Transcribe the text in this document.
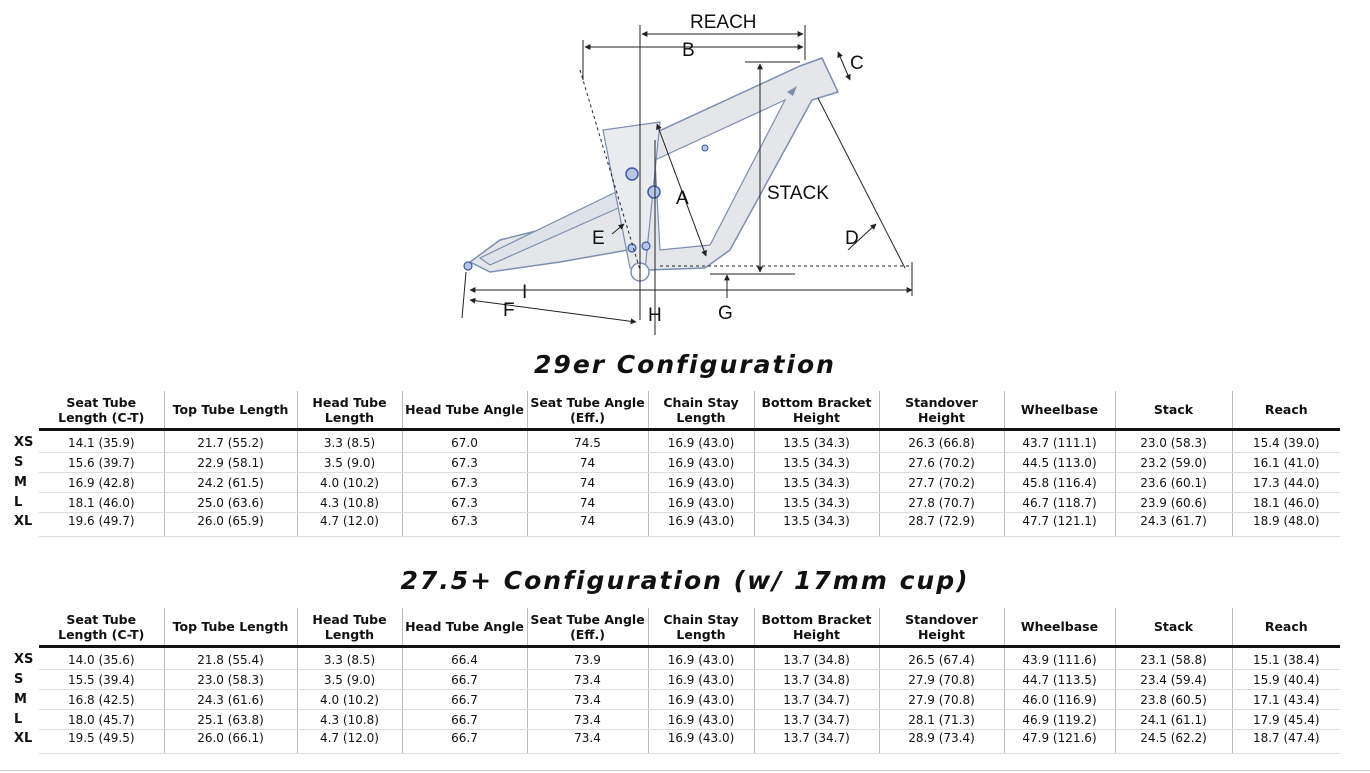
REACH
B
C
STACK
A
D
E
I
F	H	G
29er Configuration
	Seat Tube Length (C-T)	Top Tube Length	Head Tube Length	Head Tube Angle	Seat Tube Angle (Eff.)	Chain Stay Length	Bottom Bracket Height	Standover Height	Wheelbase	Stack	Reach
XS	14.1 (35.9)	21.7 (55.2)	3.3 (8.5)	67.0	74.5	16.9 (43.0)	13.5 (34.3)	26.3 (66.8)	43.7 (111.1)	23.0 (58.3)	15.4 (39.0)
S	15.6 (39.7)	22.9 (58.1)	3.5 (9.0)	67.3	74	16.9 (43.0)	13.5 (34.3)	27.6 (70.2)	44.5 (113.0)	23.2 (59.0)	16.1 (41.0)
M	16.9 (42.8)	24.2 (61.5)	4.0 (10.2)	67.3	74	16.9 (43.0)	13.5 (34.3)	27.7 (70.2)	45.8 (116.4)	23.6 (60.1)	17.3 (44.0)
L	18.1 (46.0)	25.0 (63.6)	4.3 (10.8)	67.3	74	16.9 (43.0)	13.5 (34.3)	27.8 (70.7)	46.7 (118.7)	23.9 (60.6)	18.1 (46.0)
XL	19.6 (49.7)	26.0 (65.9)	4.7 (12.0)	67.3	74	16.9 (43.0)	13.5 (34.3)	28.7 (72.9)	47.7 (121.1)	24.3 (61.7)	18.9 (48.0)
27.5+ Configuration (w/ 17mm cup)
	Seat Tube Length (C-T)	Top Tube Length	Head Tube Length	Head Tube Angle	Seat Tube Angle (Eff.)	Chain Stay Length	Bottom Bracket Height	Standover Height	Wheelbase	Stack	Reach
XS	14.0 (35.6)	21.8 (55.4)	3.3 (8.5)	66.4	73.9	16.9 (43.0)	13.7 (34.8)	26.5 (67.4)	43.9 (111.6)	23.1 (58.8)	15.1 (38.4)
S	15.5 (39.4)	23.0 (58.3)	3.5 (9.0)	66.7	73.4	16.9 (43.0)	13.7 (34.8)	27.9 (70.8)	44.7 (113.5)	23.4 (59.4)	15.9 (40.4)
M	16.8 (42.5)	24.3 (61.6)	4.0 (10.2)	66.7	73.4	16.9 (43.0)	13.7 (34.7)	27.9 (70.8)	46.0 (116.9)	23.8 (60.5)	17.1 (43.4)
L	18.0 (45.7)	25.1 (63.8)	4.3 (10.8)	66.7	73.4	16.9 (43.0)	13.7 (34.7)	28.1 (71.3)	46.9 (119.2)	24.1 (61.1)	17.9 (45.4)
XL	19.5 (49.5)	26.0 (66.1)	4.7 (12.0)	66.7	73.4	16.9 (43.0)	13.7 (34.7)	28.9 (73.4)	47.9 (121.6)	24.5 (62.2)	18.7 (47.4)
